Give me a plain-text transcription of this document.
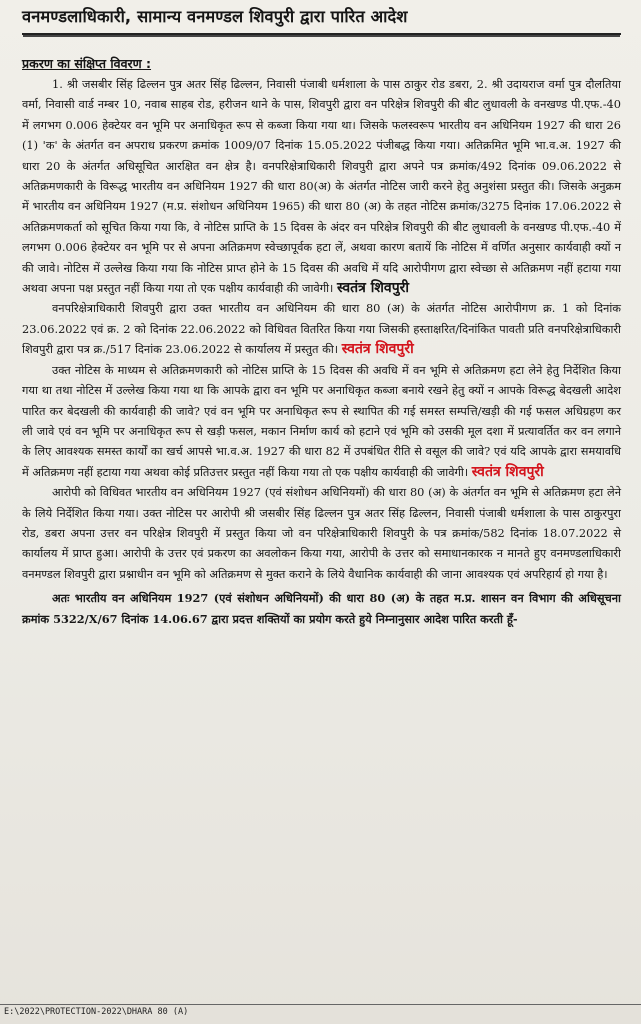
वनमण्डलाधिकारी, सामान्य वनमण्डल शिवपुरी द्वारा पारित आदेश
प्रकरण का संक्षिप्त विवरण :

1. श्री जसबीर सिंह ढिल्लन पुत्र अतर सिंह ढिल्लन, निवासी पंजाबी धर्मशाला के पास ठाकुर रोड डबरा, 2. श्री उदायराज वर्मा पुत्र दौलतिया वर्मा, निवासी वार्ड नम्बर 10, नवाब साहब रोड, हरीजन थाने के पास, शिवपुरी द्वारा वन परिक्षेत्र शिवपुरी की बीट लुधावली के वनखण्ड पी.एफ.-40 में लगभग 0.006 हेक्टेयर वन भूमि पर अनाधिकृत रूप से कब्जा किया गया था। जिसके फलस्वरूप भारतीय वन अधिनियम 1927 की धारा 26 (1) 'क' के अंतर्गत वन अपराध प्रकरण क्रमांक 1009/07 दिनांक 15.05.2022 पंजीबद्ध किया गया। अतिक्रमित भूमि भा.व.अ. 1927 की धारा 20 के अंतर्गत अधिसूचित आरक्षित वन क्षेत्र है। वनपरिक्षेत्राधिकारी शिवपुरी द्वारा अपने पत्र क्रमांक/492 दिनांक 09.06.2022 से अतिक्रमणकारी के विरूद्ध भारतीय वन अधिनियम 1927 की धारा 80(अ) के अंतर्गत नोटिस जारी करने हेतु अनुशंसा प्रस्तुत की। जिसके अनुक्रम में भारतीय वन अधिनियम 1927 (म.प्र. संशोधन अधिनियम 1965) की धारा 80 (अ) के तहत नोटिस क्रमांक/3275 दिनांक 17.06.2022 से अतिक्रमणकर्ता को सूचित किया गया कि, वे नोटिस प्राप्ति के 15 दिवस के अंदर वन परिक्षेत्र शिवपुरी की बीट लुधावली के वनखण्ड पी.एफ.-40 में लगभग 0.006 हेक्टेयर वन भूमि पर से अपना अतिक्रमण स्वेच्छापूर्वक हटा लें, अथवा कारण बतायें कि नोटिस में वर्णित अनुसार कार्यवाही क्यों न की जावे। नोटिस में उल्लेख किया गया कि नोटिस प्राप्त होने के 15 दिवस की अवधि में यदि आरोपीगण द्वारा स्वेच्छा से अतिक्रमण नहीं हटाया गया अथवा अपना पक्ष प्रस्तुत नहीं किया गया तो एक पक्षीय कार्यवाही की जावेगी। स्वतंत्र शिवपुरी

वनपरिक्षेत्राधिकारी शिवपुरी द्वारा उक्त भारतीय वन अधिनियम की धारा 80 (अ) के अंतर्गत नोटिस आरोपीगण क्र. 1 को दिनांक 23.06.2022 एवं क्र. 2 को दिनांक 22.06.2022 को विधिवत वितरित किया गया जिसकी हस्ताक्षरित/दिनांकित पावती प्रति वनपरिक्षेत्राधिकारी शिवपुरी द्वारा पत्र क्र./517 दिनांक 23.06.2022 से कार्यालय में प्रस्तुत की। स्वतंत्र शिवपुरी

उक्त नोटिस के माध्यम से अतिक्रमणकारी को नोटिस प्राप्ति के 15 दिवस की अवधि में वन भूमि से अतिक्रमण हटा लेने हेतु निर्देशित किया गया था तथा नोटिस में उल्लेख किया गया था कि आपके द्वारा वन भूमि पर अनाधिकृत कब्जा बनाये रखने हेतु क्यों न आपके विरूद्ध बेदखली आदेश पारित कर बेदखली की कार्यवाही की जावे? एवं वन भूमि पर अनाधिकृत रूप से स्थापित की गई समस्त सम्पत्ति/खड़ी की गई फसल अधिग्रहण कर ली जावे एवं वन भूमि पर अनाधिकृत रूप से खड़ी फसल, मकान निर्माण कार्य को हटाने एवं भूमि को उसकी मूल दशा में प्रत्यावर्तित कर वन लगाने के लिए आवश्यक समस्त कार्यों का खर्च आपसे भा.व.अ. 1927 की धारा 82 में उपबंधित रीति से वसूल की जावे? एवं यदि आपके द्वारा समयावधि में अतिक्रमण नहीं हटाया गया अथवा कोई प्रतिउत्तर प्रस्तुत नहीं किया गया तो एक पक्षीय कार्यवाही की जावेगी। स्वतंत्र शिवपुरी

आरोपी को विधिवत भारतीय वन अधिनियम 1927 (एवं संशोधन अधिनियमों) की धारा 80 (अ) के अंतर्गत वन भूमि से अतिक्रमण हटा लेने के लिये निर्देशित किया गया। उक्त नोटिस पर आरोपी श्री जसबीर सिंह ढिल्लन पुत्र अतर सिंह ढिल्लन, निवासी पंजाबी धर्मशाला के पास ठाकुरपुरा रोड, डबरा अपना उत्तर वन परिक्षेत्र शिवपुरी में प्रस्तुत किया जो वन परिक्षेत्राधिकारी शिवपुरी के पत्र क्रमांक/582 दिनांक 18.07.2022 से कार्यालय में प्राप्त हुआ। आरोपी के उत्तर एवं प्रकरण का अवलोकन किया गया, आरोपी के उत्तर को समाधानकारक न मानते हुए वनमण्डलाधिकारी वनमण्डल शिवपुरी द्वारा प्रश्नाधीन वन भूमि को अतिक्रमण से मुक्त कराने के लिये वैधानिक कार्यवाही की जाना आवश्यक एवं अपरिहार्य हो गया है।

अतः भारतीय वन अधिनियम 1927 (एवं संशोधन अधिनियमों) की धारा 80 (अ) के तहत म.प्र. शासन वन विभाग की अधिसूचना क्रमांक 5322/X/67 दिनांक 14.06.67 द्वारा प्रदत्त शक्तियों का प्रयोग करते हुये निम्नानुसार आदेश पारित करती हूँ-

E:\2022\PROTECTION-2022\DHARA 80 (A)
